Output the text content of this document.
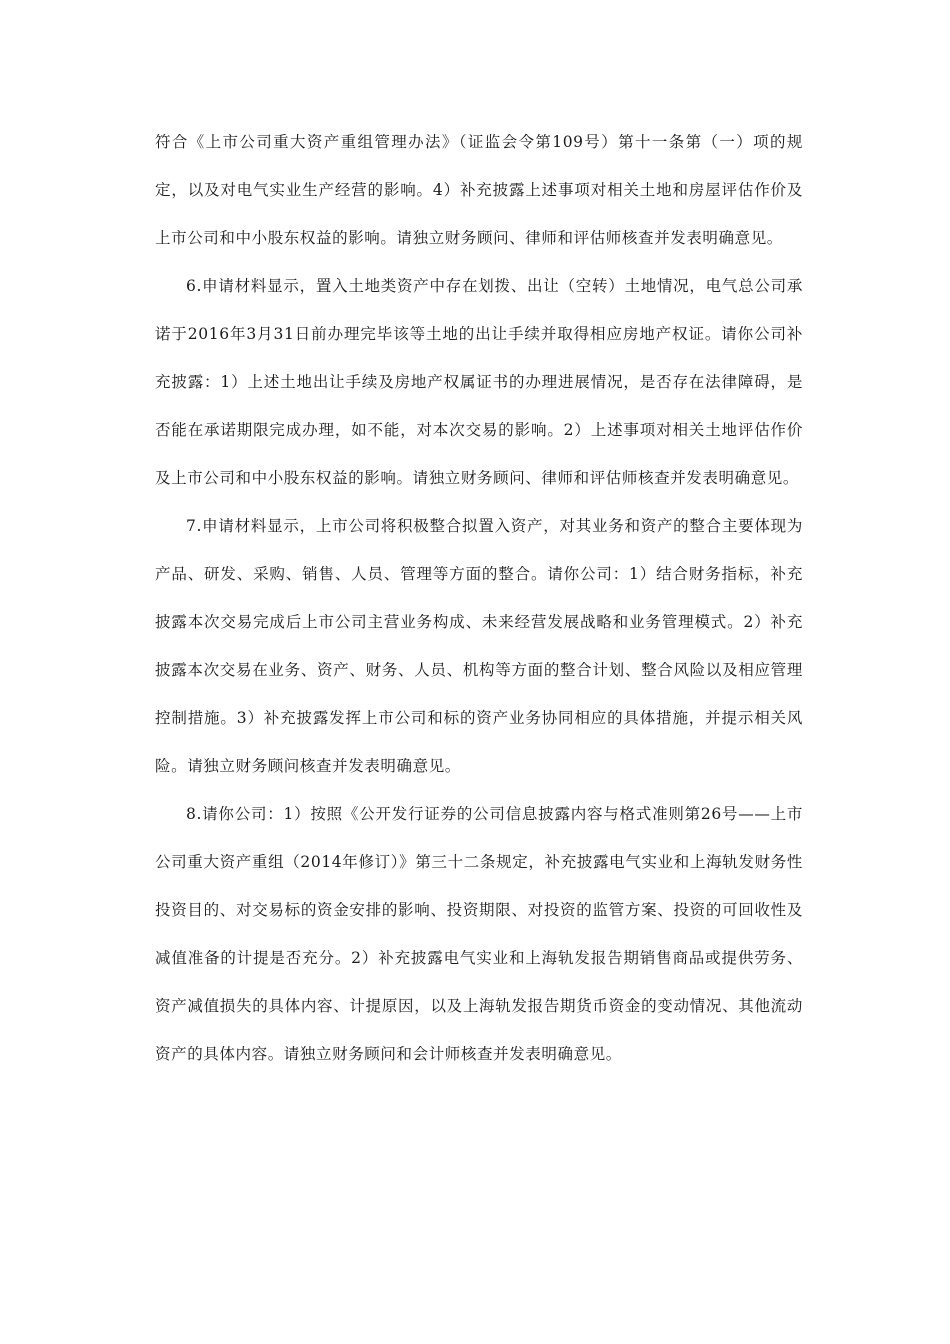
符合《上市公司重大资产重组管理办法》（证监会令第109号）第十一条第（一）项的规定，以及对电气实业生产经营的影响。4）补充披露上述事项对相关土地和房屋评估作价及上市公司和中小股东权益的影响。请独立财务顾问、律师和评估师核查并发表明确意见。

6.申请材料显示，置入土地类资产中存在划拨、出让（空转）土地情况，电气总公司承诺于2016年3月31日前办理完毕该等土地的出让手续并取得相应房地产权证。请你公司补充披露：1）上述土地出让手续及房地产权属证书的办理进展情况，是否存在法律障碍，是否能在承诺期限完成办理，如不能，对本次交易的影响。2）上述事项对相关土地评估作价及上市公司和中小股东权益的影响。请独立财务顾问、律师和评估师核查并发表明确意见。

7.申请材料显示，上市公司将积极整合拟置入资产，对其业务和资产的整合主要体现为产品、研发、采购、销售、人员、管理等方面的整合。请你公司：1）结合财务指标，补充披露本次交易完成后上市公司主营业务构成、未来经营发展战略和业务管理模式。2）补充披露本次交易在业务、资产、财务、人员、机构等方面的整合计划、整合风险以及相应管理控制措施。3）补充披露发挥上市公司和标的资产业务协同相应的具体措施，并提示相关风险。请独立财务顾问核查并发表明确意见。

8.请你公司：1）按照《公开发行证券的公司信息披露内容与格式准则第26号——上市公司重大资产重组（2014年修订）》第三十二条规定，补充披露电气实业和上海轨发财务性投资目的、对交易标的资金安排的影响、投资期限、对投资的监管方案、投资的可回收性及减值准备的计提是否充分。2）补充披露电气实业和上海轨发报告期销售商品或提供劳务、资产减值损失的具体内容、计提原因，以及上海轨发报告期货币资金的变动情况、其他流动资产的具体内容。请独立财务顾问和会计师核查并发表明确意见。
